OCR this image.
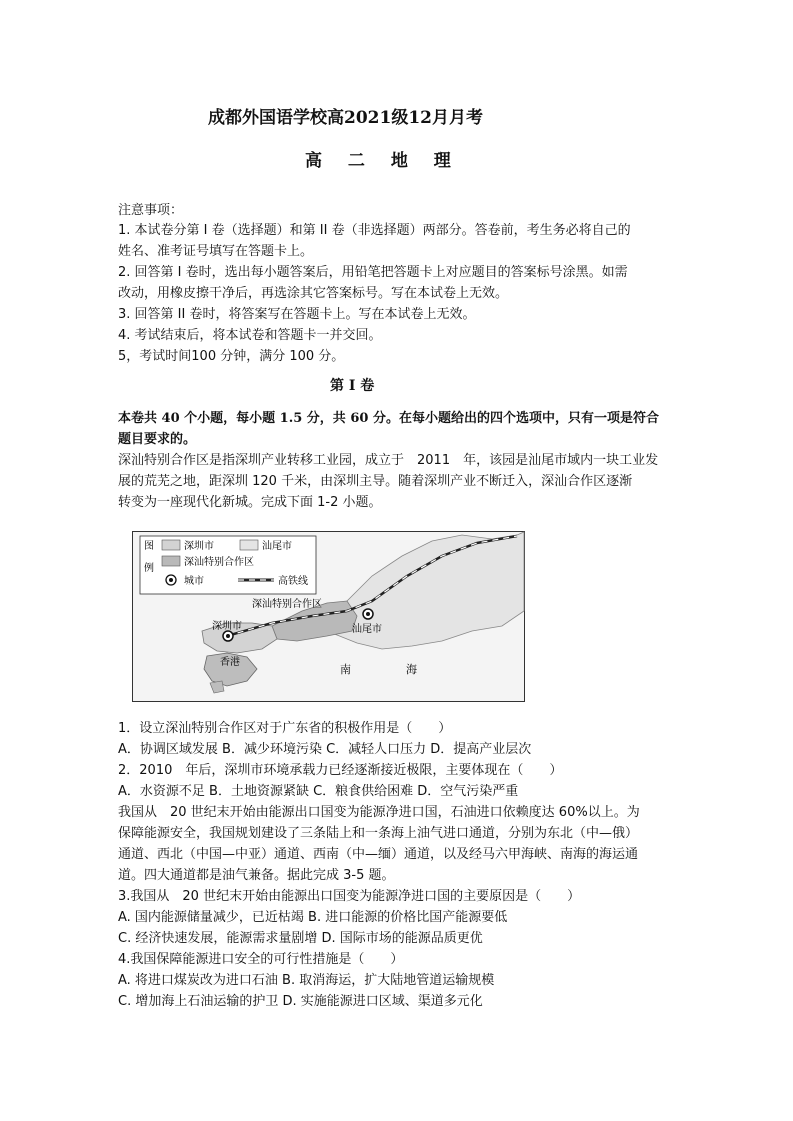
成都外国语学校高2021级12月月考
高 二 地 理
注意事项：
1. 本试卷分第 I 卷（选择题）和第 II 卷（非选择题）两部分。答卷前，考生务必将自己的
姓名、准考证号填写在答题卡上。
2. 回答第 I 卷时，选出每小题答案后，用铅笔把答题卡上对应题目的答案标号涂黑。如需
改动，用橡皮擦干净后，再选涂其它答案标号。写在本试卷上无效。
3. 回答第 II 卷时，将答案写在答题卡上。写在本试卷上无效。
4. 考试结束后，将本试卷和答题卡一并交回。
5，考试时间100 分钟，满分 100 分。
第 I 卷
本卷共 40 个小题，每小题 1.5 分，共 60 分。在每小题给出的四个选项中，只有一项是符合
题目要求的。
深汕特别合作区是指深圳产业转移工业园，成立于　2011　年，该园是汕尾市域内一块工业发
展的荒芜之地，距深圳 120 千米，由深圳主导。随着深圳产业不断迁入，深汕合作区逐渐
转变为一座现代化新城。完成下面 1-2 小题。
图
例
深圳市	汕尾市
深汕特别合作区
城市	高铁线
深汕特别合作区
深圳市	汕尾市
香港
南	海
1．设立深汕特别合作区对于广东省的积极作用是（　　）
A．协调区域发展 B．减少环境污染 C．减轻人口压力 D．提高产业层次
2．2010　年后，深圳市环境承载力已经逐渐接近极限，主要体现在（　　）
A．水资源不足 B．土地资源紧缺 C．粮食供给困难 D．空气污染严重
我国从　20 世纪末开始由能源出口国变为能源净进口国，石油进口依赖度达 60%以上。为
保障能源安全，我国规划建设了三条陆上和一条海上油气进口通道，分别为东北（中—俄）
通道、西北（中国—中亚）通道、西南（中—缅）通道，以及经马六甲海峡、南海的海运通
道。四大通道都是油气兼备。据此完成 3-5 题。
3.我国从　20 世纪末开始由能源出口国变为能源净进口国的主要原因是（　　）
A. 国内能源储量减少，已近枯竭 B. 进口能源的价格比国产能源要低
C. 经济快速发展，能源需求量剧增 D. 国际市场的能源品质更优
4.我国保障能源进口安全的可行性措施是（　　）
A. 将进口煤炭改为进口石油 B. 取消海运，扩大陆地管道运输规模
C. 增加海上石油运输的护卫 D. 实施能源进口区域、渠道多元化
